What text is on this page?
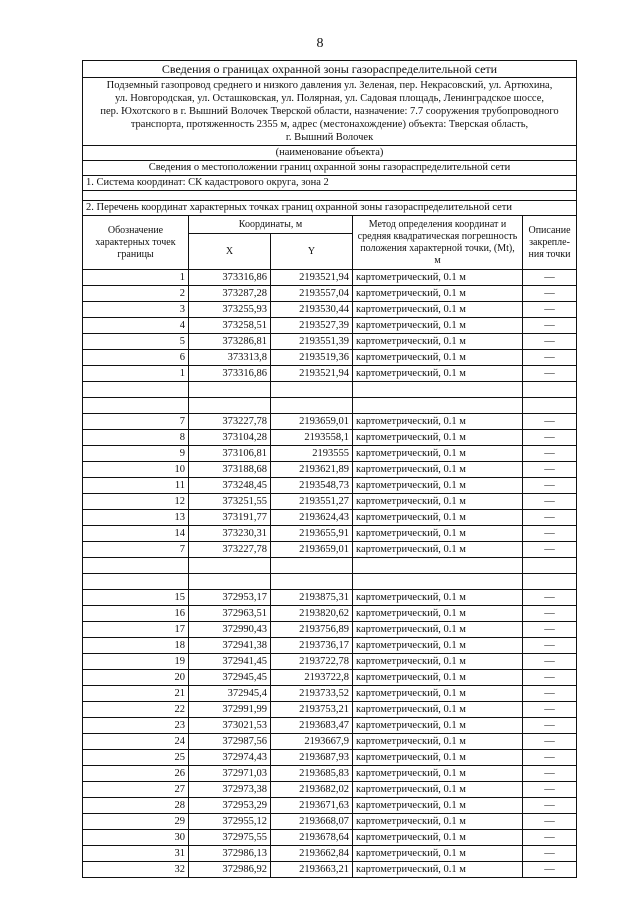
8
Сведения о границах охранной зоны газораспределительной сети				

Подземный газопровод среднего и низкого давления ул. Зеленая, пер. Некрасовский, ул. Артюхина,
ул. Новгородская, ул. Осташковская, ул. Полярная, ул. Садовая площадь, Ленинградское шоссе,
пер. Юхотского в г. Вышний Волочек Тверской области, назначение: 7.7 сооружения трубопроводного
транспорта, протяженность 2355 м, адрес (местонахождение) объекта: Тверская область,
г. Вышний Волочек				

(наименование объекта)				
Сведения о местоположении границ охранной зоны газораспределительной сети				
1. Система координат: СК кадастрового округа, зона 2				

2. Перечень координат характерных точках границ охранной зоны газораспределительной сети				
Обозначение характерных точек границы	Координаты, м		Метод определения координат и средняя квадратическая погрешность положения характерной точки, (Mt), м	Описание закрепле-ния точки
	X	Y		
1	373316,86	2193521,94	картометрический, 0.1 м	—
2	373287,28	2193557,04	картометрический, 0.1 м	—
3	373255,93	2193530,44	картометрический, 0.1 м	—
4	373258,51	2193527,39	картометрический, 0.1 м	—
5	373286,81	2193551,39	картометрический, 0.1 м	—
6	373313,8	2193519,36	картометрический, 0.1 м	—
1	373316,86	2193521,94	картометрический, 0.1 м	—

7	373227,78	2193659,01	картометрический, 0.1 м	—
8	373104,28	2193558,1	картометрический, 0.1 м	—
9	373106,81	2193555	картометрический, 0.1 м	—
10	373188,68	2193621,89	картометрический, 0.1 м	—
11	373248,45	2193548,73	картометрический, 0.1 м	—
12	373251,55	2193551,27	картометрический, 0.1 м	—
13	373191,77	2193624,43	картометрический, 0.1 м	—
14	373230,31	2193655,91	картометрический, 0.1 м	—
7	373227,78	2193659,01	картометрический, 0.1 м	—

15	372953,17	2193875,31	картометрический, 0.1 м	—
16	372963,51	2193820,62	картометрический, 0.1 м	—
17	372990,43	2193756,89	картометрический, 0.1 м	—
18	372941,38	2193736,17	картометрический, 0.1 м	—
19	372941,45	2193722,78	картометрический, 0.1 м	—
20	372945,45	2193722,8	картометрический, 0.1 м	—
21	372945,4	2193733,52	картометрический, 0.1 м	—
22	372991,99	2193753,21	картометрический, 0.1 м	—
23	373021,53	2193683,47	картометрический, 0.1 м	—
24	372987,56	2193667,9	картометрический, 0.1 м	—
25	372974,43	2193687,93	картометрический, 0.1 м	—
26	372971,03	2193685,83	картометрический, 0.1 м	—
27	372973,38	2193682,02	картометрический, 0.1 м	—
28	372953,29	2193671,63	картометрический, 0.1 м	—
29	372955,12	2193668,07	картометрический, 0.1 м	—
30	372975,55	2193678,64	картометрический, 0.1 м	—
31	372986,13	2193662,84	картометрический, 0.1 м	—
32	372986,92	2193663,21	картометрический, 0.1 м	—
